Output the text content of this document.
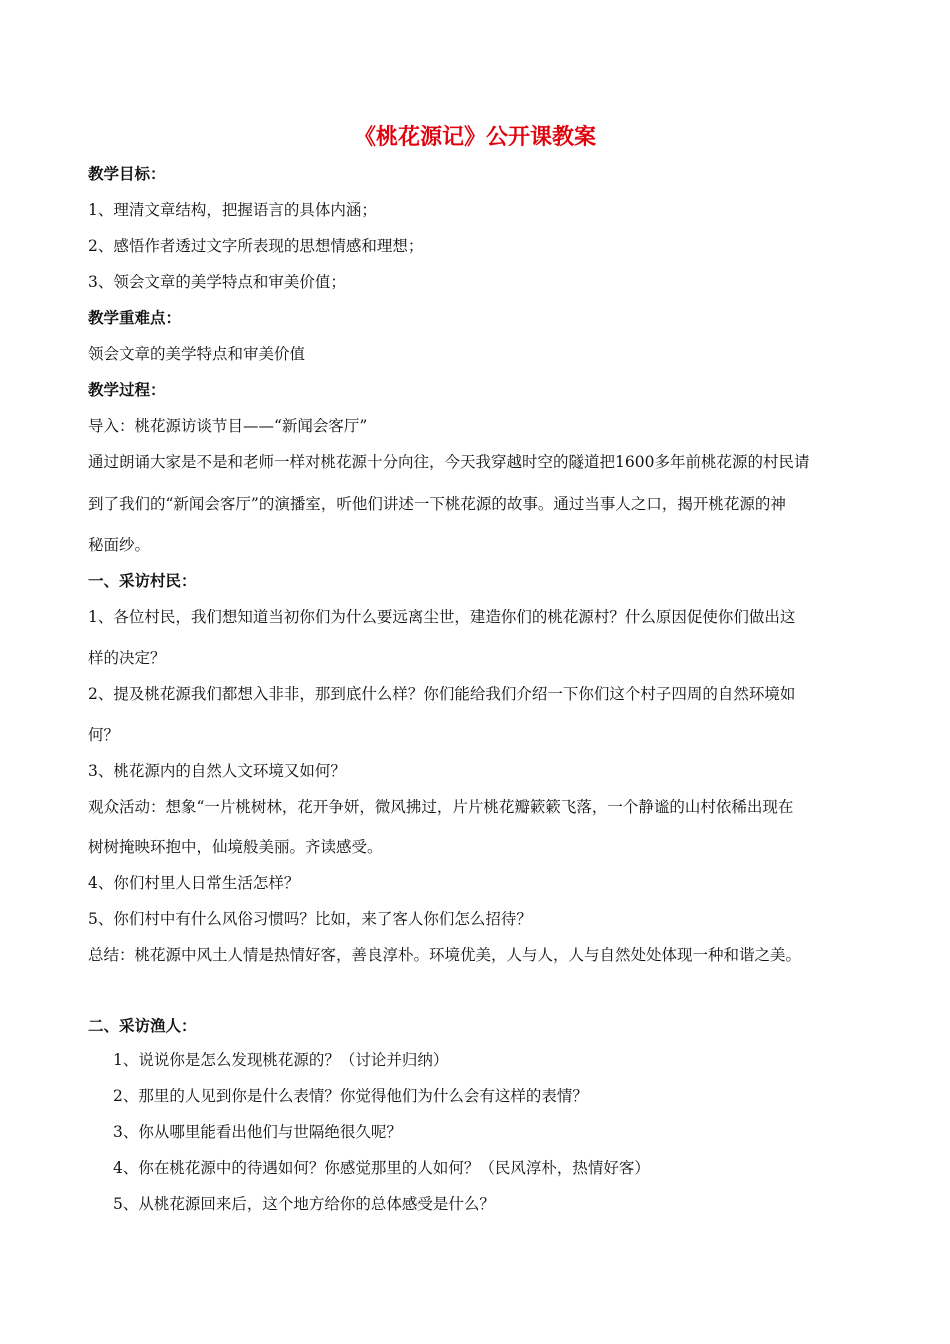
《桃花源记》公开课教案
教学目标：
1、理清文章结构，把握语言的具体内涵；
2、感悟作者透过文字所表现的思想情感和理想；
3、领会文章的美学特点和审美价值；
教学重难点：
领会文章的美学特点和审美价值
教学过程：
导入：桃花源访谈节目——“新闻会客厅”
通过朗诵大家是不是和老师一样对桃花源十分向往，今天我穿越时空的隧道把1600多年前桃花源的村民请
到了我们的“新闻会客厅”的演播室，听他们讲述一下桃花源的故事。通过当事人之口，揭开桃花源的神
秘面纱。
一、采访村民：
1、各位村民，我们想知道当初你们为什么要远离尘世，建造你们的桃花源村？什么原因促使你们做出这
样的决定？
2、提及桃花源我们都想入非非，那到底什么样？你们能给我们介绍一下你们这个村子四周的自然环境如
何？
3、桃花源内的自然人文环境又如何？
观众活动：想象“一片桃树林，花开争妍，微风拂过，片片桃花瓣簌簌飞落，一个静谧的山村依稀出现在
树树掩映环抱中，仙境般美丽。齐读感受。
4、你们村里人日常生活怎样？
5、你们村中有什么风俗习惯吗？比如，来了客人你们怎么招待？
总结：桃花源中风土人情是热情好客，善良淳朴。环境优美，人与人，人与自然处处体现一种和谐之美。
二、采访渔人：
1、说说你是怎么发现桃花源的？（讨论并归纳）
2、那里的人见到你是什么表情？你觉得他们为什么会有这样的表情？
3、你从哪里能看出他们与世隔绝很久呢？
4、你在桃花源中的待遇如何？你感觉那里的人如何？（民风淳朴，热情好客）
5、从桃花源回来后，这个地方给你的总体感受是什么？
